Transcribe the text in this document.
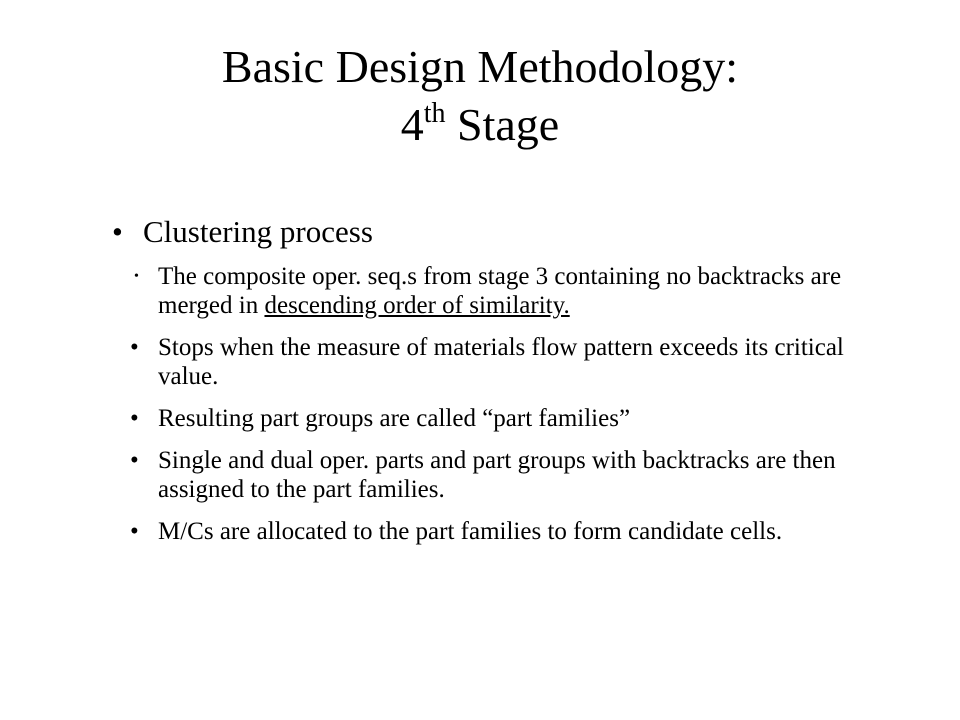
Basic Design Methodology:
4th Stage

• Clustering process

• The composite oper. seq.s from stage 3 containing no backtracks are merged in descending order of similarity.
• Stops when the measure of materials flow pattern exceeds its critical value.
• Resulting part groups are called “part families”
• Single and dual oper. parts and part groups with backtracks are then assigned to the part families.
• M/Cs are allocated to the part families to form candidate cells.
